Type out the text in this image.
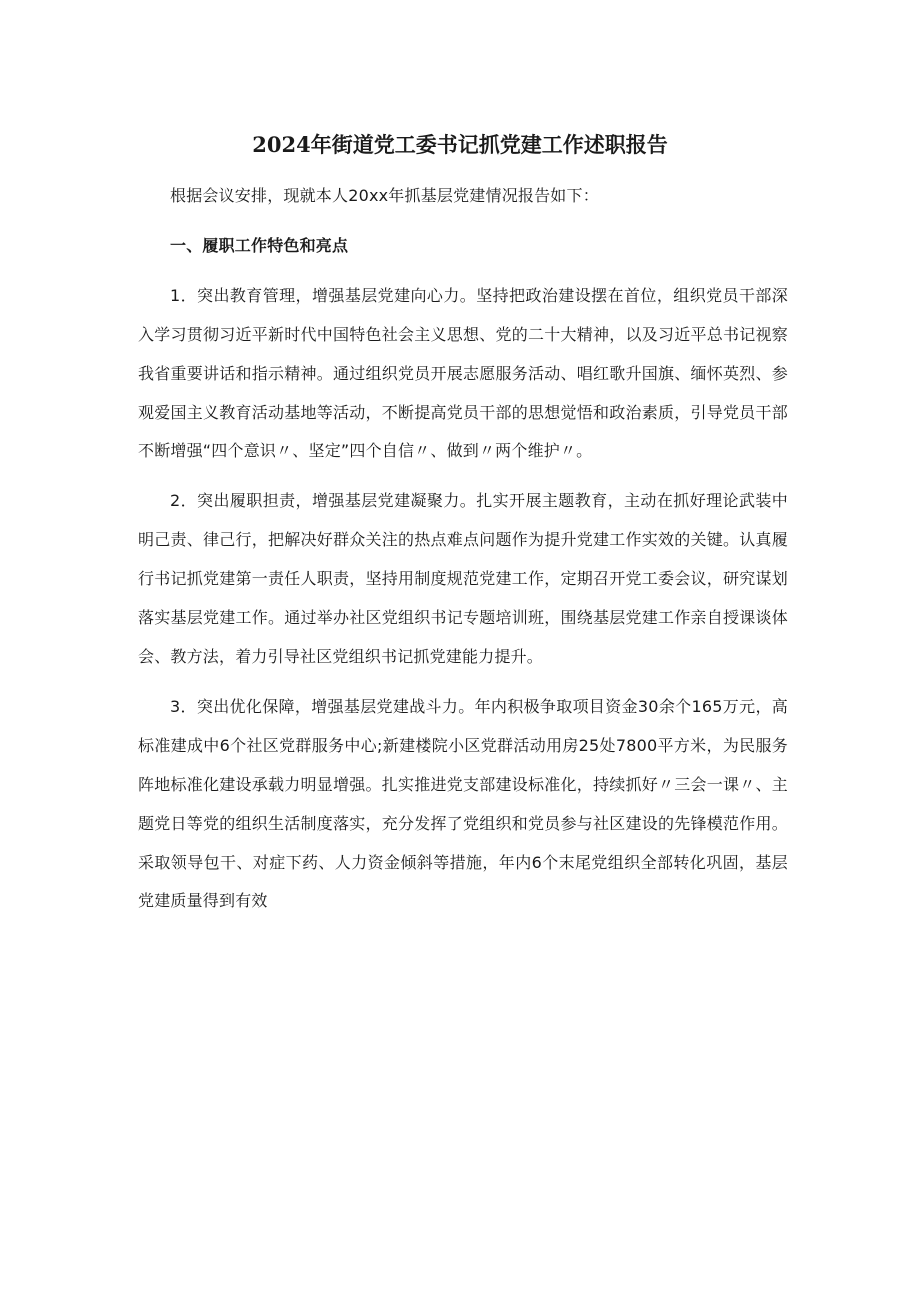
2024年街道党工委书记抓党建工作述职报告

根据会议安排，现就本人20xx年抓基层党建情况报告如下：

一、履职工作特色和亮点

1．突出教育管理，增强基层党建向心力。坚持把政治建设摆在首位，组织党员干部深入学习贯彻习近平新时代中国特色社会主义思想、党的二十大精神，以及习近平总书记视察我省重要讲话和指示精神。通过组织党员开展志愿服务活动、唱红歌升国旗、缅怀英烈、参观爱国主义教育活动基地等活动，不断提高党员干部的思想觉悟和政治素质，引导党员干部不断增强“四个意识〃、坚定”四个自信〃、做到〃两个维护〃。

2．突出履职担责，增强基层党建凝聚力。扎实开展主题教育，主动在抓好理论武装中明己责、律己行，把解决好群众关注的热点难点问题作为提升党建工作实效的关键。认真履行书记抓党建第一责任人职责，坚持用制度规范党建工作，定期召开党工委会议，研究谋划落实基层党建工作。通过举办社区党组织书记专题培训班，围绕基层党建工作亲自授课谈体会、教方法，着力引导社区党组织书记抓党建能力提升。

3．突出优化保障，增强基层党建战斗力。年内积极争取项目资金30余个165万元，高标准建成中6个社区党群服务中心;新建楼院小区党群活动用房25处7800平方米，为民服务阵地标准化建设承载力明显增强。扎实推进党支部建设标准化，持续抓好〃三会一课〃、主题党日等党的组织生活制度落实，充分发挥了党组织和党员参与社区建设的先锋模范作用。采取领导包干、对症下药、人力资金倾斜等措施，年内6个末尾党组织全部转化巩固，基层党建质量得到有效
